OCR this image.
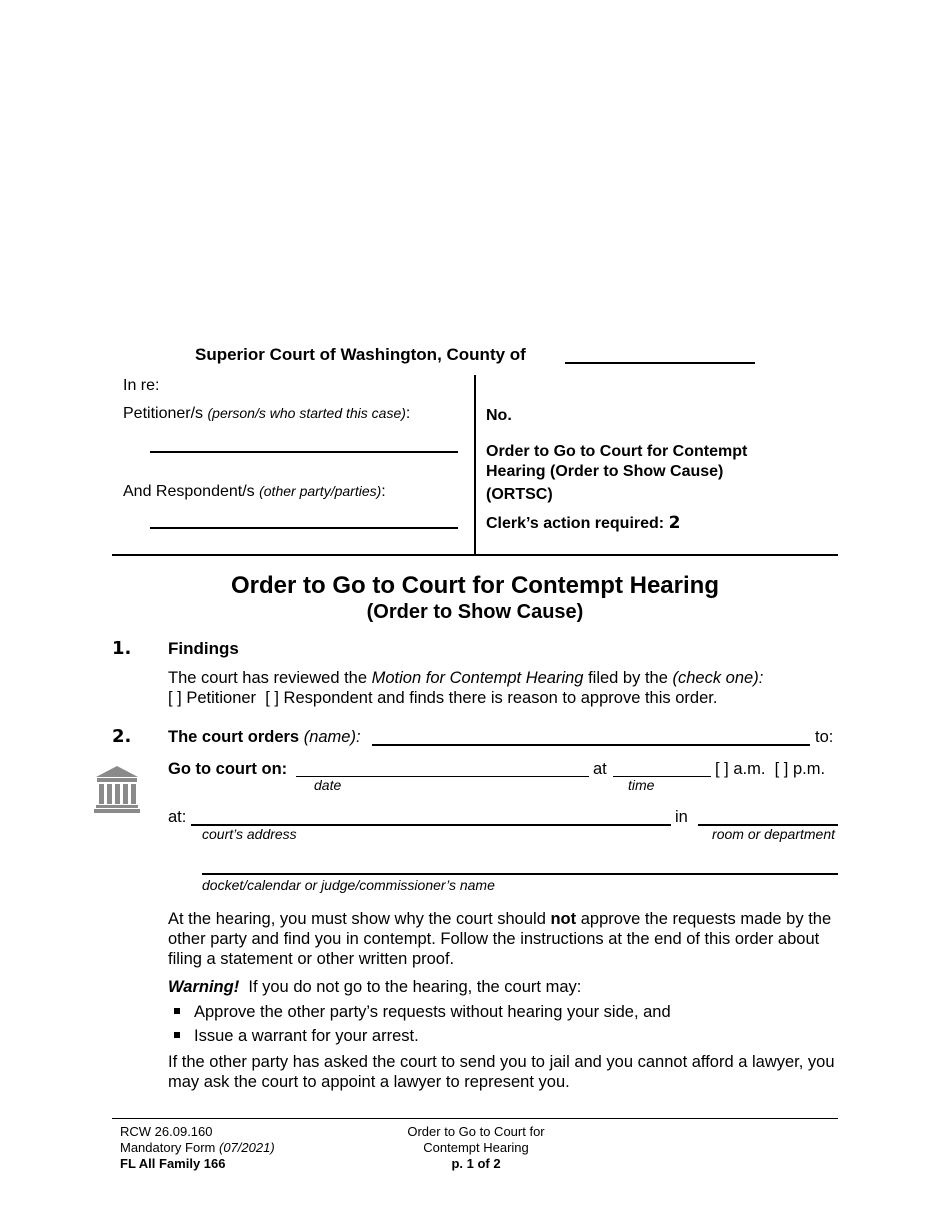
Superior Court of Washington, County of
In re:
Petitioner/s (person/s who started this case):
And Respondent/s (other party/parties):
No.
Order to Go to Court for Contempt
Hearing (Order to Show Cause)
(ORTSC)
Clerk’s action required: 2
Order to Go to Court for Contempt Hearing
(Order to Show Cause)
1. Findings
The court has reviewed the Motion for Contempt Hearing filed by the (check one):
[ ] Petitioner [ ] Respondent and finds there is reason to approve this order.
2. The court orders (name):	to:
Go to court on:	at	[ ] a.m. [ ] p.m.
date	time
at:	in
court’s address	room or department
docket/calendar or judge/commissioner’s name
At the hearing, you must show why the court should not approve the requests made by the other party and find you in contempt. Follow the instructions at the end of this order about filing a statement or other written proof.
Warning! If you do not go to the hearing, the court may:
Approve the other party’s requests without hearing your side, and
Issue a warrant for your arrest.
If the other party has asked the court to send you to jail and you cannot afford a lawyer, you may ask the court to appoint a lawyer to represent you.
RCW 26.09.160
Mandatory Form (07/2021)
FL All Family 166
Order to Go to Court for
Contempt Hearing
p. 1 of 2
